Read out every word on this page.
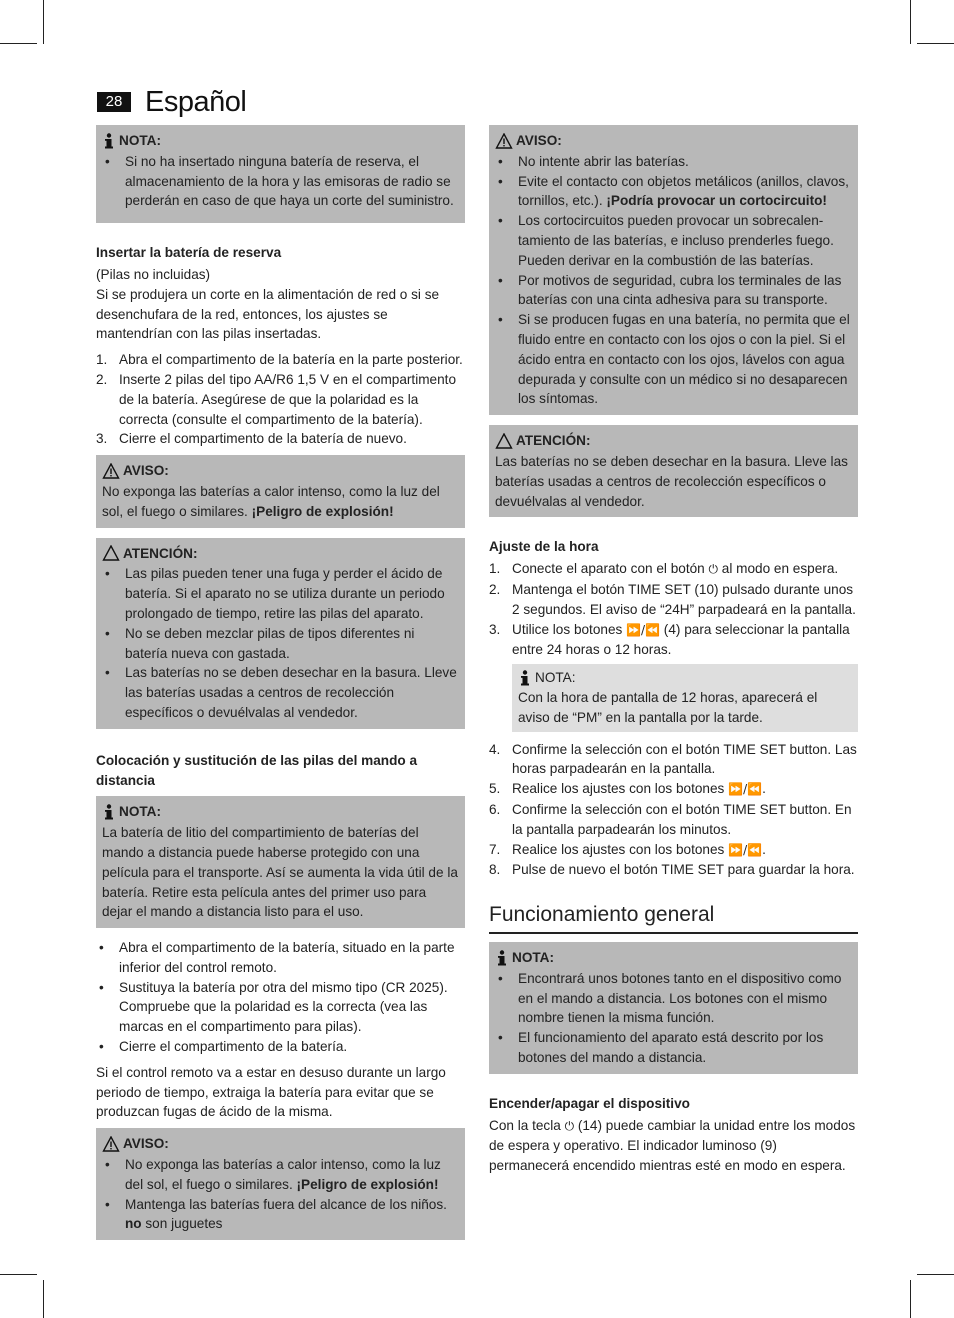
28 Español
NOTA:
• Si no ha insertado ninguna batería de reserva, el almacenamiento de la hora y las emisoras de radio se perderán en caso de que haya un corte del suministro.
Insertar la batería de reserva

(Pilas no incluidas)

Si se produjera un corte en la alimentación de red o si se desenchufara de la red, entonces, los ajustes se mantendrían con las pilas insertadas.

1. Abra el compartimento de la batería en la parte posterior.
2. Inserte 2 pilas del tipo AA/R6 1,5 V en el compartimento de la batería. Asegúrese de que la polaridad es la correcta (consulte el compartimento de la batería).
3. Cierre el compartimento de la batería de nuevo.
AVISO:

No exponga las baterías a calor intenso, como la luz del sol, el fuego o similares. ¡Peligro de explosión!

ATENCIÓN:
• Las pilas pueden tener una fuga y perder el ácido de batería. Si el aparato no se utiliza durante un periodo prolongado de tiempo, retire las pilas del aparato.
• No se deben mezclar pilas de tipos diferentes ni batería nueva con gastada.
• Las baterías no se deben desechar en la basura. Lleve las baterías usadas a centros de recolección específicos o devuélvalas al vendedor.
Colocación y sustitución de las pilas del mando a distancia
NOTA:

La batería de litio del compartimiento de baterías del mando a distancia puede haberse protegido con una película para el transporte. Así se aumenta la vida útil de la batería. Retire esta película antes del primer uso para dejar el mando a distancia listo para el uso.

• Abra el compartimento de la batería, situado en la parte inferior del control remoto.
• Sustituya la batería por otra del mismo tipo (CR 2025). Compruebe que la polaridad es la correcta (vea las marcas en el compartimento para pilas).
• Cierre el compartimento de la batería.

Si el control remoto va a estar en desuso durante un largo periodo de tiempo, extraiga la batería para evitar que se produzcan fugas de ácido de la misma.

AVISO:
• No exponga las baterías a calor intenso, como la luz del sol, el fuego o similares. ¡Peligro de explosión!
• Mantenga las baterías fuera del alcance de los niños. no son juguetes
AVISO:
• No intente abrir las baterías.
• Evite el contacto con objetos metálicos (anillos, clavos, tornillos, etc.). ¡Podría provocar un cortocircuito!
• Los cortocircuitos pueden provocar un sobrecalen-tamiento de las baterías, e incluso prenderles fuego. Pueden derivar en la combustión de las baterías.
• Por motivos de seguridad, cubra los terminales de las baterías con una cinta adhesiva para su transporte.
• Si se producen fugas en una batería, no permita que el fluido entre en contacto con los ojos o con la piel. Si el ácido entra en contacto con los ojos, lávelos con agua depurada y consulte con un médico si no desaparecen los síntomas.
ATENCIÓN:

Las baterías no se deben desechar en la basura. Lleve las baterías usadas a centros de recolección específicos o devuélvalas al vendedor.

Ajuste de la hora
1. Conecte el aparato con el botón ⏻ al modo en espera.
2. Mantenga el botón TIME SET (10) pulsado durante unos 2 segundos. El aviso de “24H” parpadeará en la pantalla.
3. Utilice los botones ⏩/⏪ (4) para seleccionar la pantalla entre 24 horas o 12 horas.
NOTA:

Con la hora de pantalla de 12 horas, aparecerá el aviso de “PM” en la pantalla por la tarde.

4. Confirme la selección con el botón TIME SET button. Las horas parpadearán en la pantalla.
5. Realice los ajustes con los botones ⏩/⏪.
6. Confirme la selección con el botón TIME SET button. En la pantalla parpadearán los minutos.
7. Realice los ajustes con los botones ⏩/⏪.
8. Pulse de nuevo el botón TIME SET para guardar la hora.
Funcionamiento general
NOTA:
• Encontrará unos botones tanto en el dispositivo como en el mando a distancia. Los botones con el mismo nombre tienen la misma función.
• El funcionamiento del aparato está descrito por los botones del mando a distancia.
Encender/apagar el dispositivo

Con la tecla ⏻ (14) puede cambiar la unidad entre los modos de espera y operativo. El indicador luminoso (9) permanecerá encendido mientras esté en modo en espera.
